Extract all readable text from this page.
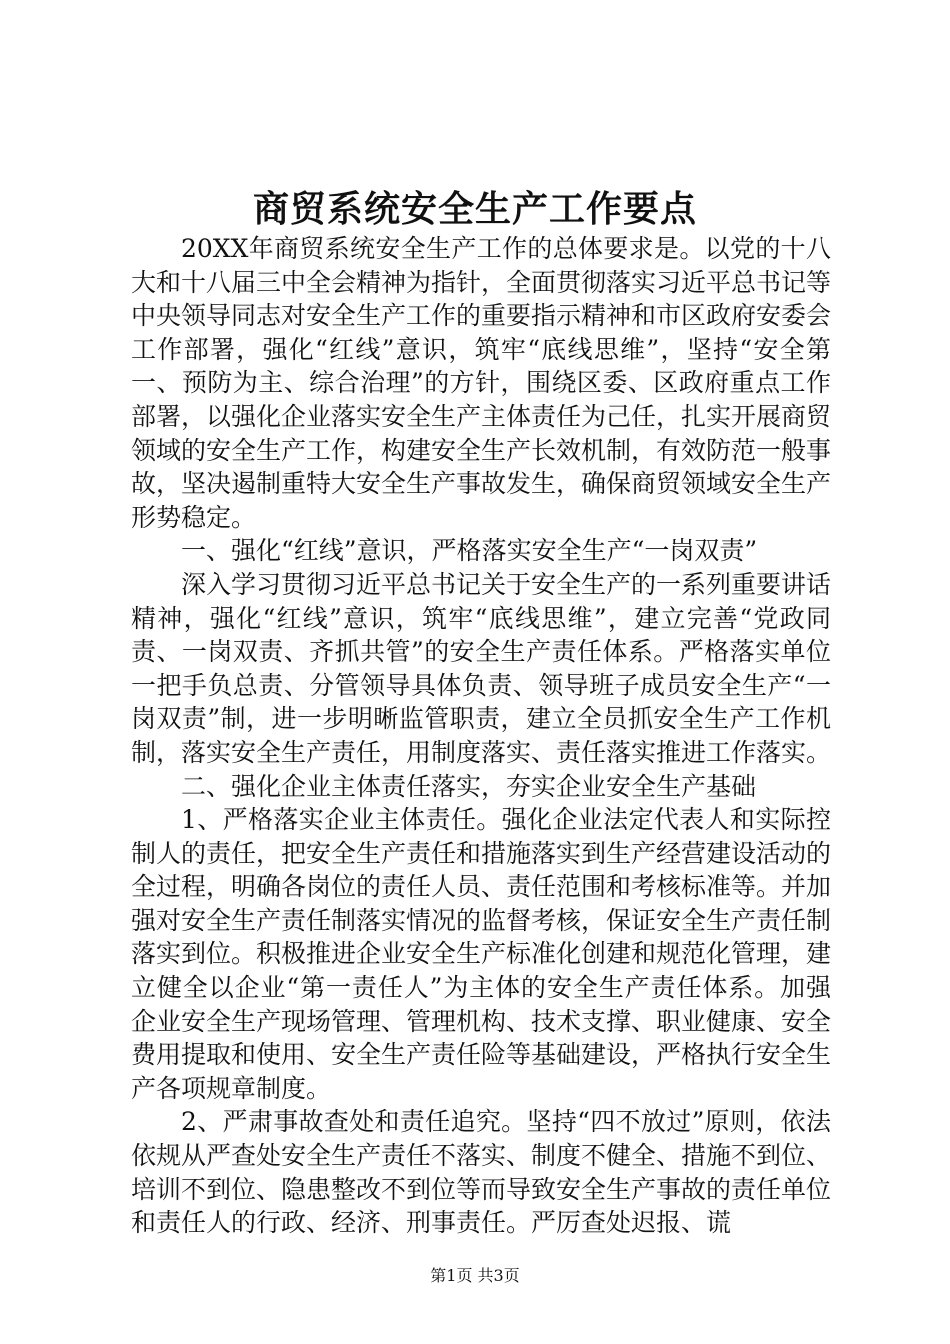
商贸系统安全生产工作要点

20XX年商贸系统安全生产工作的总体要求是。以党的十八大和十八届三中全会精神为指针，全面贯彻落实习近平总书记等中央领导同志对安全生产工作的重要指示精神和市区政府安委会工作部署，强化“红线”意识，筑牢“底线思维”，坚持“安全第一、预防为主、综合治理”的方针，围绕区委、区政府重点工作部署，以强化企业落实安全生产主体责任为己任，扎实开展商贸领域的安全生产工作，构建安全生产长效机制，有效防范一般事故，坚决遏制重特大安全生产事故发生，确保商贸领域安全生产形势稳定。

一、强化“红线”意识，严格落实安全生产“一岗双责”

深入学习贯彻习近平总书记关于安全生产的一系列重要讲话精神，强化“红线”意识，筑牢“底线思维”，建立完善“党政同责、一岗双责、齐抓共管”的安全生产责任体系。严格落实单位一把手负总责、分管领导具体负责、领导班子成员安全生产“一岗双责”制，进一步明晰监管职责，建立全员抓安全生产工作机制，落实安全生产责任，用制度落实、责任落实推进工作落实。

二、强化企业主体责任落实，夯实企业安全生产基础

1、严格落实企业主体责任。强化企业法定代表人和实际控制人的责任，把安全生产责任和措施落实到生产经营建设活动的全过程，明确各岗位的责任人员、责任范围和考核标准等。并加强对安全生产责任制落实情况的监督考核，保证安全生产责任制落实到位。积极推进企业安全生产标准化创建和规范化管理，建立健全以企业“第一责任人”为主体的安全生产责任体系。加强企业安全生产现场管理、管理机构、技术支撑、职业健康、安全费用提取和使用、安全生产责任险等基础建设，严格执行安全生产各项规章制度。

2、严肃事故查处和责任追究。坚持“四不放过”原则，依法依规从严查处安全生产责任不落实、制度不健全、措施不到位、培训不到位、隐患整改不到位等而导致安全生产事故的责任单位和责任人的行政、经济、刑事责任。严厉查处迟报、谎

第1页 共3页
